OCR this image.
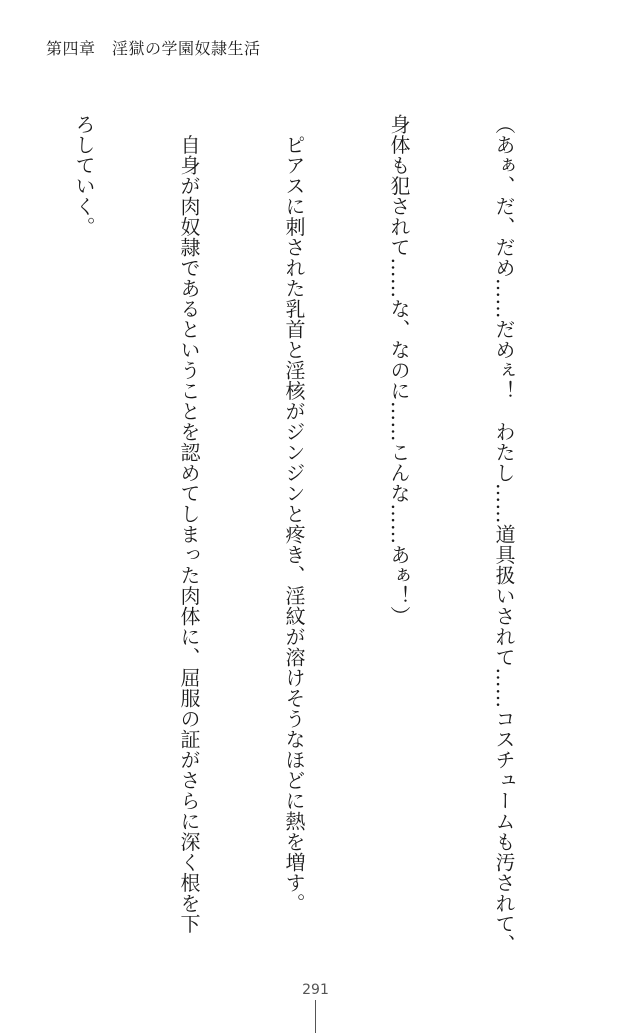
第四章　淫獄の学園奴隷生活

（あぁ、だ、だめ……だめぇ！　わたし……道具扱いされて……コスチュームも汚されて、

身体も犯されて……な、なのに……こんな……あぁ！）

　ピアスに刺された乳首と淫核がジンジンと疼き、淫紋が溶けそうなほどに熱を増す。

　自身が肉奴隷であるということを認めてしまった肉体に、屈服の証がさらに深く根を下

ろしていく。

291
